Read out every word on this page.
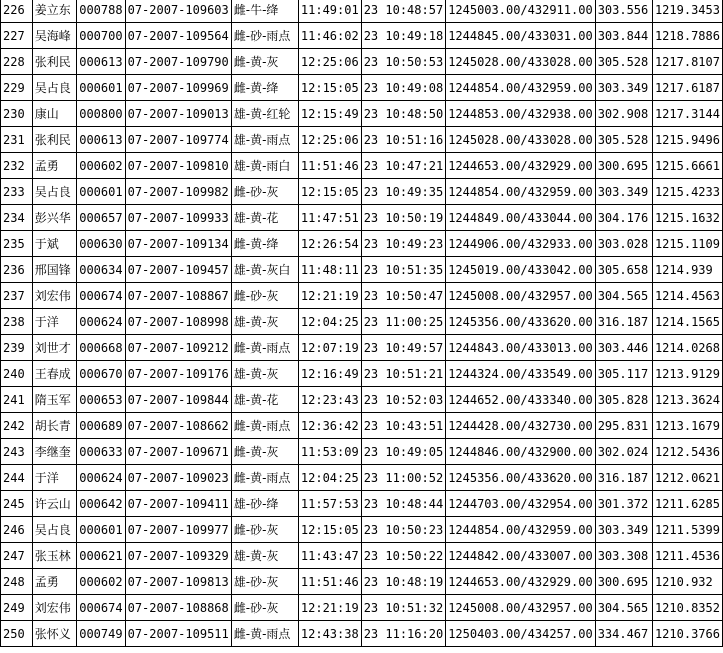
226	姜立东	000788	07-2007-109603	雌-牛-绛	11:49:01	23 10:48:57	1245003.00/432911.00	303.556	1219.3453
227	吴海峰	000700	07-2007-109564	雌-砂-雨点	11:46:02	23 10:49:18	1244845.00/433031.00	303.844	1218.7886
228	张利民	000613	07-2007-109790	雌-黄-灰	12:25:06	23 10:50:53	1245028.00/433028.00	305.528	1217.8107
229	吴占良	000601	07-2007-109969	雌-黄-绛	12:15:05	23 10:49:08	1244854.00/432959.00	303.349	1217.6187
230	康山	000800	07-2007-109013	雄-黄-红轮	12:15:49	23 10:48:50	1244853.00/432938.00	302.908	1217.3144
231	张利民	000613	07-2007-109774	雄-黄-雨点	12:25:06	23 10:51:16	1245028.00/433028.00	305.528	1215.9496
232	孟勇	000602	07-2007-109810	雄-黄-雨白	11:51:46	23 10:47:21	1244653.00/432929.00	300.695	1215.6661
233	吴占良	000601	07-2007-109982	雌-砂-灰	12:15:05	23 10:49:35	1244854.00/432959.00	303.349	1215.4233
234	彭兴华	000657	07-2007-109933	雄-黄-花	11:47:51	23 10:50:19	1244849.00/433044.00	304.176	1215.1632
235	于斌	000630	07-2007-109134	雌-黄-绛	12:26:54	23 10:49:23	1244906.00/432933.00	303.028	1215.1109
236	邢国锋	000634	07-2007-109457	雄-黄-灰白	11:48:11	23 10:51:35	1245019.00/433042.00	305.658	1214.939
237	刘宏伟	000674	07-2007-108867	雌-砂-灰	12:21:19	23 10:50:47	1245008.00/432957.00	304.565	1214.4563
238	于洋	000624	07-2007-108998	雄-黄-灰	12:04:25	23 11:00:25	1245356.00/433620.00	316.187	1214.1565
239	刘世才	000668	07-2007-109212	雌-黄-雨点	12:07:19	23 10:49:57	1244843.00/433013.00	303.446	1214.0268
240	王春成	000670	07-2007-109176	雄-黄-灰	12:16:49	23 10:51:21	1244324.00/433549.00	305.117	1213.9129
241	隋玉军	000653	07-2007-109844	雄-黄-花	12:23:43	23 10:52:03	1244652.00/433340.00	305.828	1213.3624
242	胡长青	000689	07-2007-108662	雌-黄-雨点	12:36:42	23 10:43:51	1244428.00/432730.00	295.831	1213.1679
243	李继奎	000633	07-2007-109671	雌-黄-灰	11:53:09	23 10:49:05	1244846.00/432900.00	302.024	1212.5436
244	于洋	000624	07-2007-109023	雌-黄-雨点	12:04:25	23 11:00:52	1245356.00/433620.00	316.187	1212.0621
245	许云山	000642	07-2007-109411	雄-砂-绛	11:57:53	23 10:48:44	1244703.00/432954.00	301.372	1211.6285
246	吴占良	000601	07-2007-109977	雌-砂-灰	12:15:05	23 10:50:23	1244854.00/432959.00	303.349	1211.5399
247	张玉林	000621	07-2007-109329	雄-黄-灰	11:43:47	23 10:50:22	1244842.00/433007.00	303.308	1211.4536
248	孟勇	000602	07-2007-109813	雄-砂-灰	11:51:46	23 10:48:19	1244653.00/432929.00	300.695	1210.932
249	刘宏伟	000674	07-2007-108868	雌-砂-灰	12:21:19	23 10:51:32	1245008.00/432957.00	304.565	1210.8352
250	张怀义	000749	07-2007-109511	雌-黄-雨点	12:43:38	23 11:16:20	1250403.00/434257.00	334.467	1210.3766
